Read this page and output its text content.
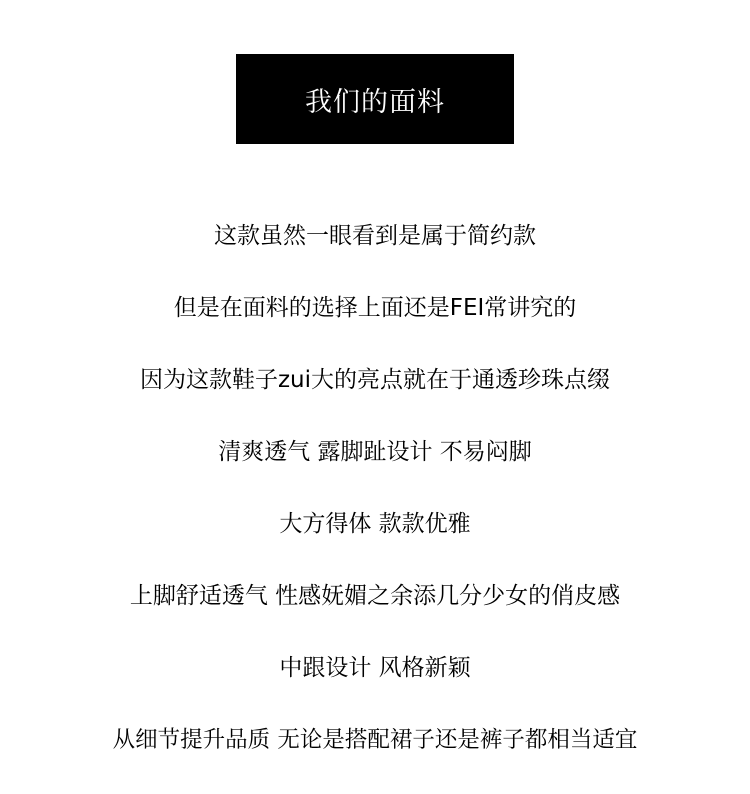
我们的面料
这款虽然一眼看到是属于简约款
但是在面料的选择上面还是FEI常讲究的
因为这款鞋子zui大的亮点就在于通透珍珠点缀
清爽透气 露脚趾设计 不易闷脚
大方得体 款款优雅
上脚舒适透气 性感妩媚之余添几分少女的俏皮感
中跟设计 风格新颖
从细节提升品质 无论是搭配裙子还是裤子都相当适宜
